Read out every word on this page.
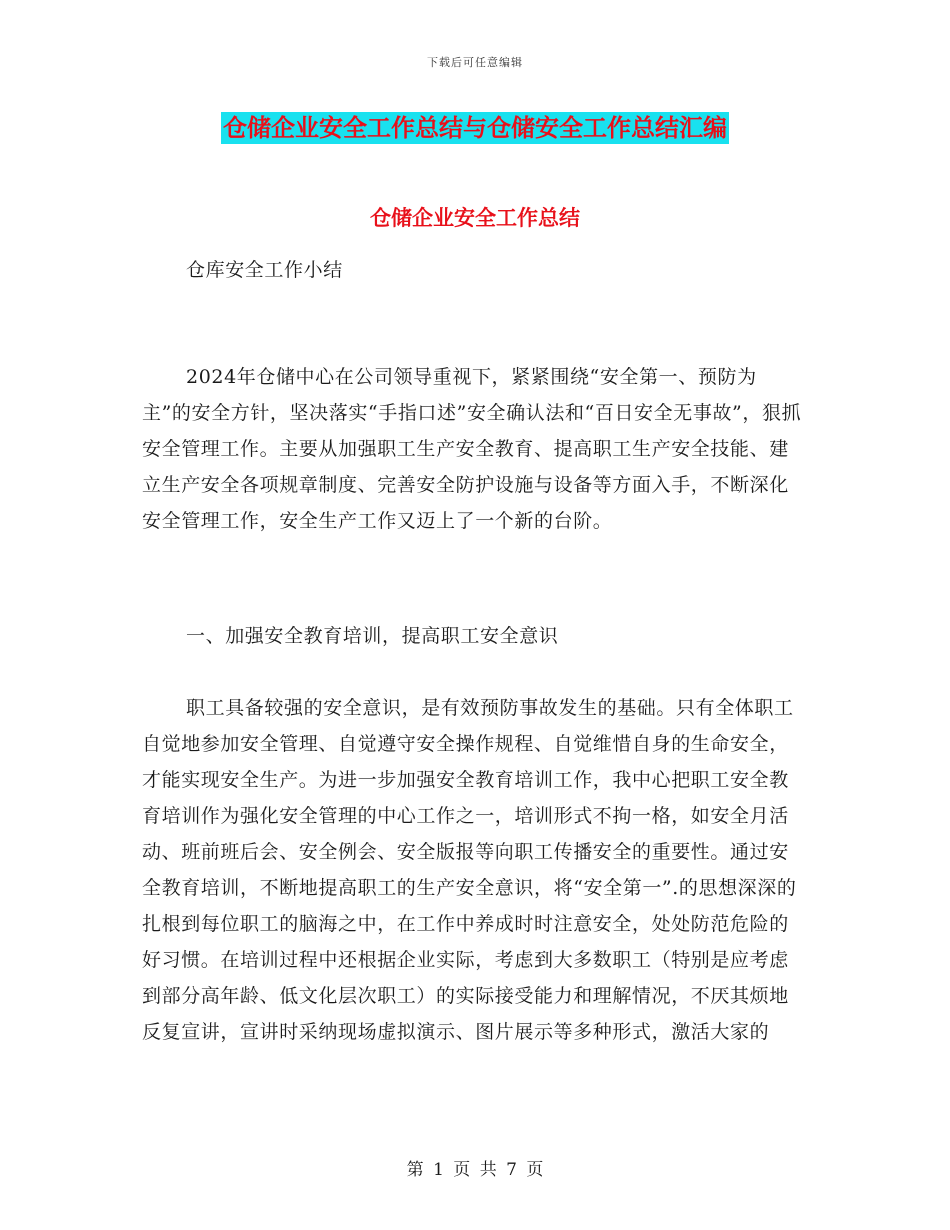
下载后可任意编辑
仓储企业安全工作总结与仓储安全工作总结汇编
仓储企业安全工作总结

仓库安全工作小结

2024年仓储中心在公司领导重视下，紧紧围绕“安全第一、预防为主”的安全方针，坚决落实“手指口述”安全确认法和“百日安全无事故”，狠抓安全管理工作。主要从加强职工生产安全教育、提高职工生产安全技能、建立生产安全各项规章制度、完善安全防护设施与设备等方面入手，不断深化安全管理工作，安全生产工作又迈上了一个新的台阶。

一、加强安全教育培训，提高职工安全意识

职工具备较强的安全意识，是有效预防事故发生的基础。只有全体职工自觉地参加安全管理、自觉遵守安全操作规程、自觉维惜自身的生命安全，才能实现安全生产。为进一步加强安全教育培训工作，我中心把职工安全教育培训作为强化安全管理的中心工作之一，培训形式不拘一格，如安全月活动、班前班后会、安全例会、安全版报等向职工传播安全的重要性。通过安全教育培训，不断地提高职工的生产安全意识，将“安全第一”.的思想深深的扎根到每位职工的脑海之中，在工作中养成时时注意安全，处处防范危险的好习惯。在培训过程中还根据企业实际，考虑到大多数职工（特别是应考虑到部分高年龄、低文化层次职工）的实际接受能力和理解情况，不厌其烦地反复宣讲，宣讲时采纳现场虚拟演示、图片展示等多种形式，激活大家的

第 1 页 共 7 页
